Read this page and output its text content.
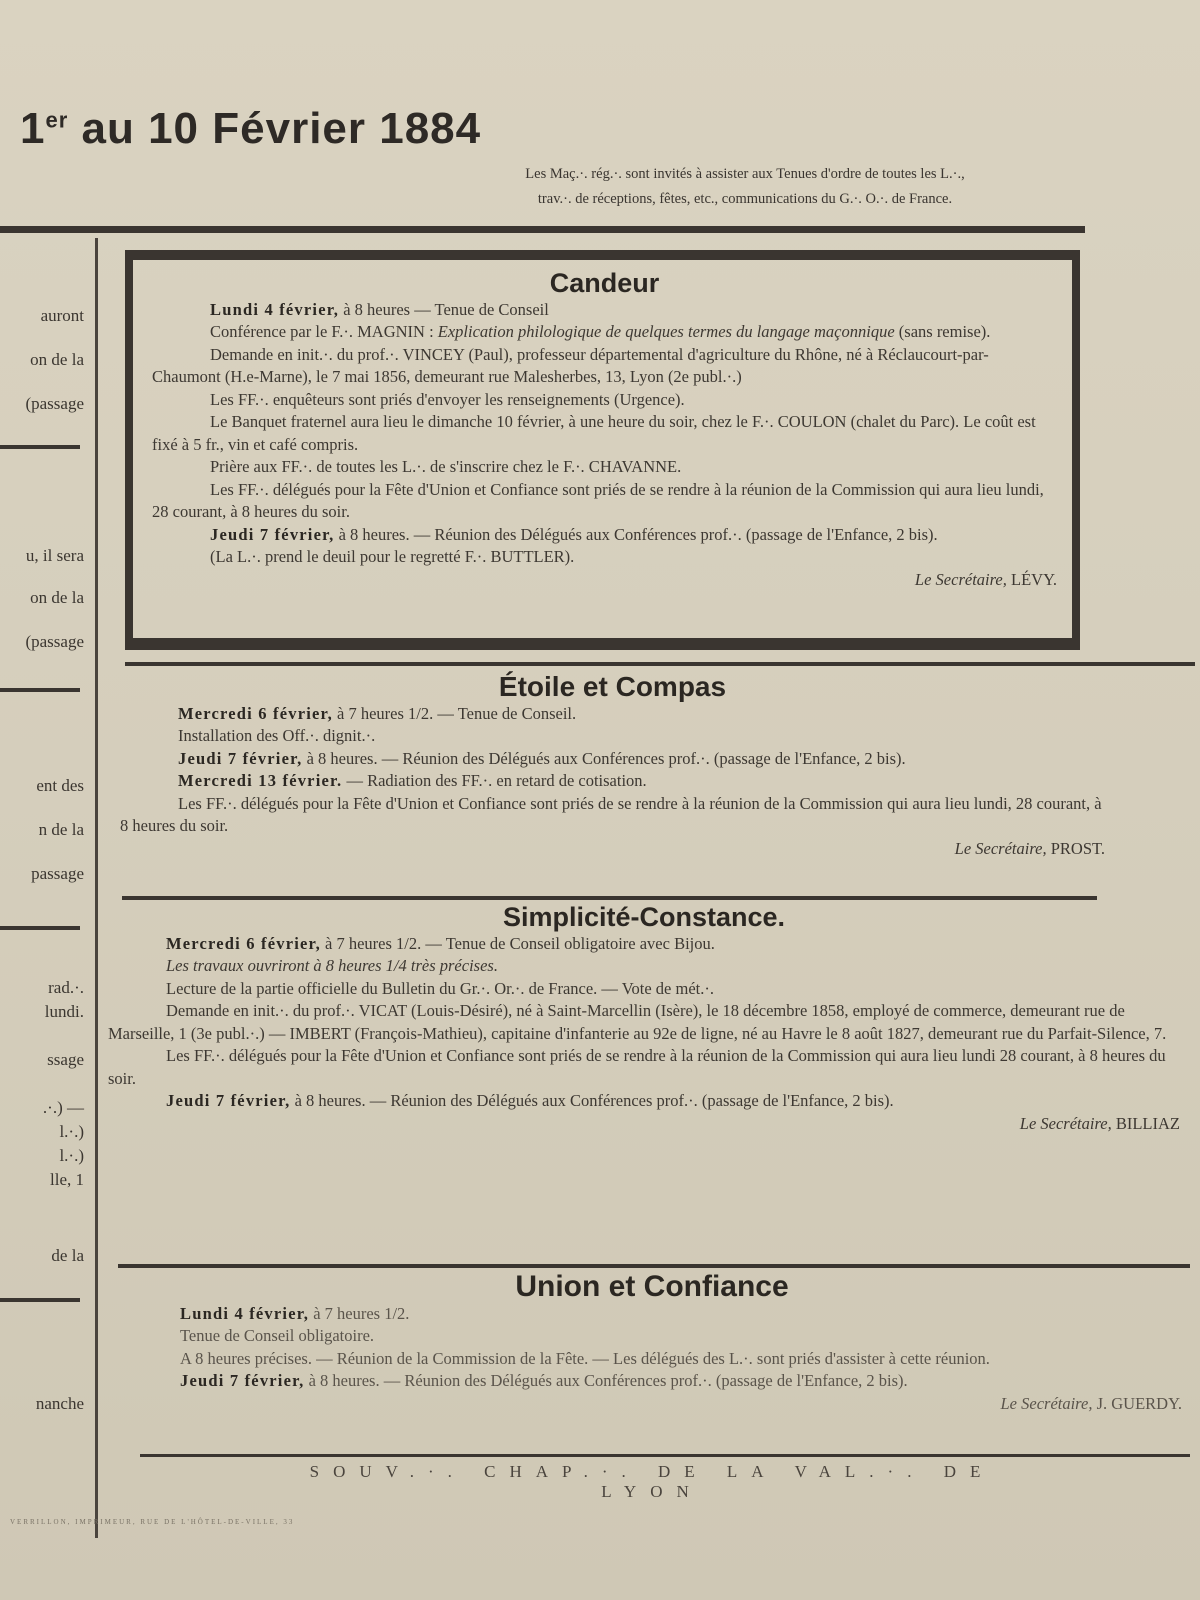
1er au 10 Février 1884
Les Maç.·. rég.·. sont invités à assister aux Tenues d'ordre de toutes les L.·.,
trav.·. de réceptions, fêtes, etc., communications du G.·. O.·. de France.
auront
on de la
(passage
u, il sera
on de la
(passage
ent des
n de la
passage
rad.·.
lundi.
ssage
.·.) —
l.·.)
l.·.)
lle, 1
de la
nanche

Candeur

Lundi 4 février, à 8 heures — Tenue de Conseil

Conférence par le F.·. MAGNIN : Explication philologique de quelques termes du langage maçonnique (sans remise).

Demande en init.·. du prof.·. VINCEY (Paul), professeur départemental d'agriculture du Rhône, né à Réclaucourt-par-Chaumont (H.e-Marne), le 7 mai 1856, demeurant rue Malesherbes, 13, Lyon (2e publ.·.)

Les FF.·. enquêteurs sont priés d'envoyer les renseignements (Urgence).

Le Banquet fraternel aura lieu le dimanche 10 février, à une heure du soir, chez le F.·. COULON (chalet du Parc). Le coût est fixé à 5 fr., vin et café compris.

Prière aux FF.·. de toutes les L.·. de s'inscrire chez le F.·. CHAVANNE.

Les FF.·. délégués pour la Fête d'Union et Confiance sont priés de se rendre à la réunion de la Commission qui aura lieu lundi, 28 courant, à 8 heures du soir.

Jeudi 7 février, à 8 heures. — Réunion des Délégués aux Conférences prof.·. (passage de l'Enfance, 2 bis).

(La L.·. prend le deuil pour le regretté F.·. BUTTLER).

Le Secrétaire, LÉVY.

Étoile et Compas

Mercredi 6 février, à 7 heures 1/2. — Tenue de Conseil.

Installation des Off.·. dignit.·.

Jeudi 7 février, à 8 heures. — Réunion des Délégués aux Conférences prof.·. (passage de l'Enfance, 2 bis).

Mercredi 13 février. — Radiation des FF.·. en retard de cotisation.

Les FF.·. délégués pour la Fête d'Union et Confiance sont priés de se rendre à la réunion de la Commission qui aura lieu lundi, 28 courant, à 8 heures du soir.

Le Secrétaire, PROST.

Simplicité-Constance.

Mercredi 6 février, à 7 heures 1/2. — Tenue de Conseil obligatoire avec Bijou.

Les travaux ouvriront à 8 heures 1/4 très précises.

Lecture de la partie officielle du Bulletin du Gr.·. Or.·. de France. — Vote de mét.·.

Demande en init.·. du prof.·. VICAT (Louis-Désiré), né à Saint-Marcellin (Isère), le 18 décembre 1858, employé de commerce, demeurant rue de Marseille, 1 (3e publ.·.) — IMBERT (François-Mathieu), capitaine d'infanterie au 92e de ligne, né au Havre le 8 août 1827, demeurant rue du Parfait-Silence, 7.

Les FF.·. délégués pour la Fête d'Union et Confiance sont priés de se rendre à la réunion de la Commission qui aura lieu lundi 28 courant, à 8 heures du soir.

Jeudi 7 février, à 8 heures. — Réunion des Délégués aux Conférences prof.·. (passage de l'Enfance, 2 bis).

Le Secrétaire, BILLIAZ

Union et Confiance

Lundi 4 février, à 7 heures 1/2.

Tenue de Conseil obligatoire.

A 8 heures précises. — Réunion de la Commission de la Fête. — Les délégués des L.·. sont priés d'assister à cette réunion.

Jeudi 7 février, à 8 heures. — Réunion des Délégués aux Conférences prof.·. (passage de l'Enfance, 2 bis).

Le Secrétaire, J. GUERDY.

SOUV.·. CHAP.·. DE LA VAL.·. DE LYON
VERRILLON, IMPRIMEUR, RUE DE L'HÔTEL-DE-VILLE, 33
